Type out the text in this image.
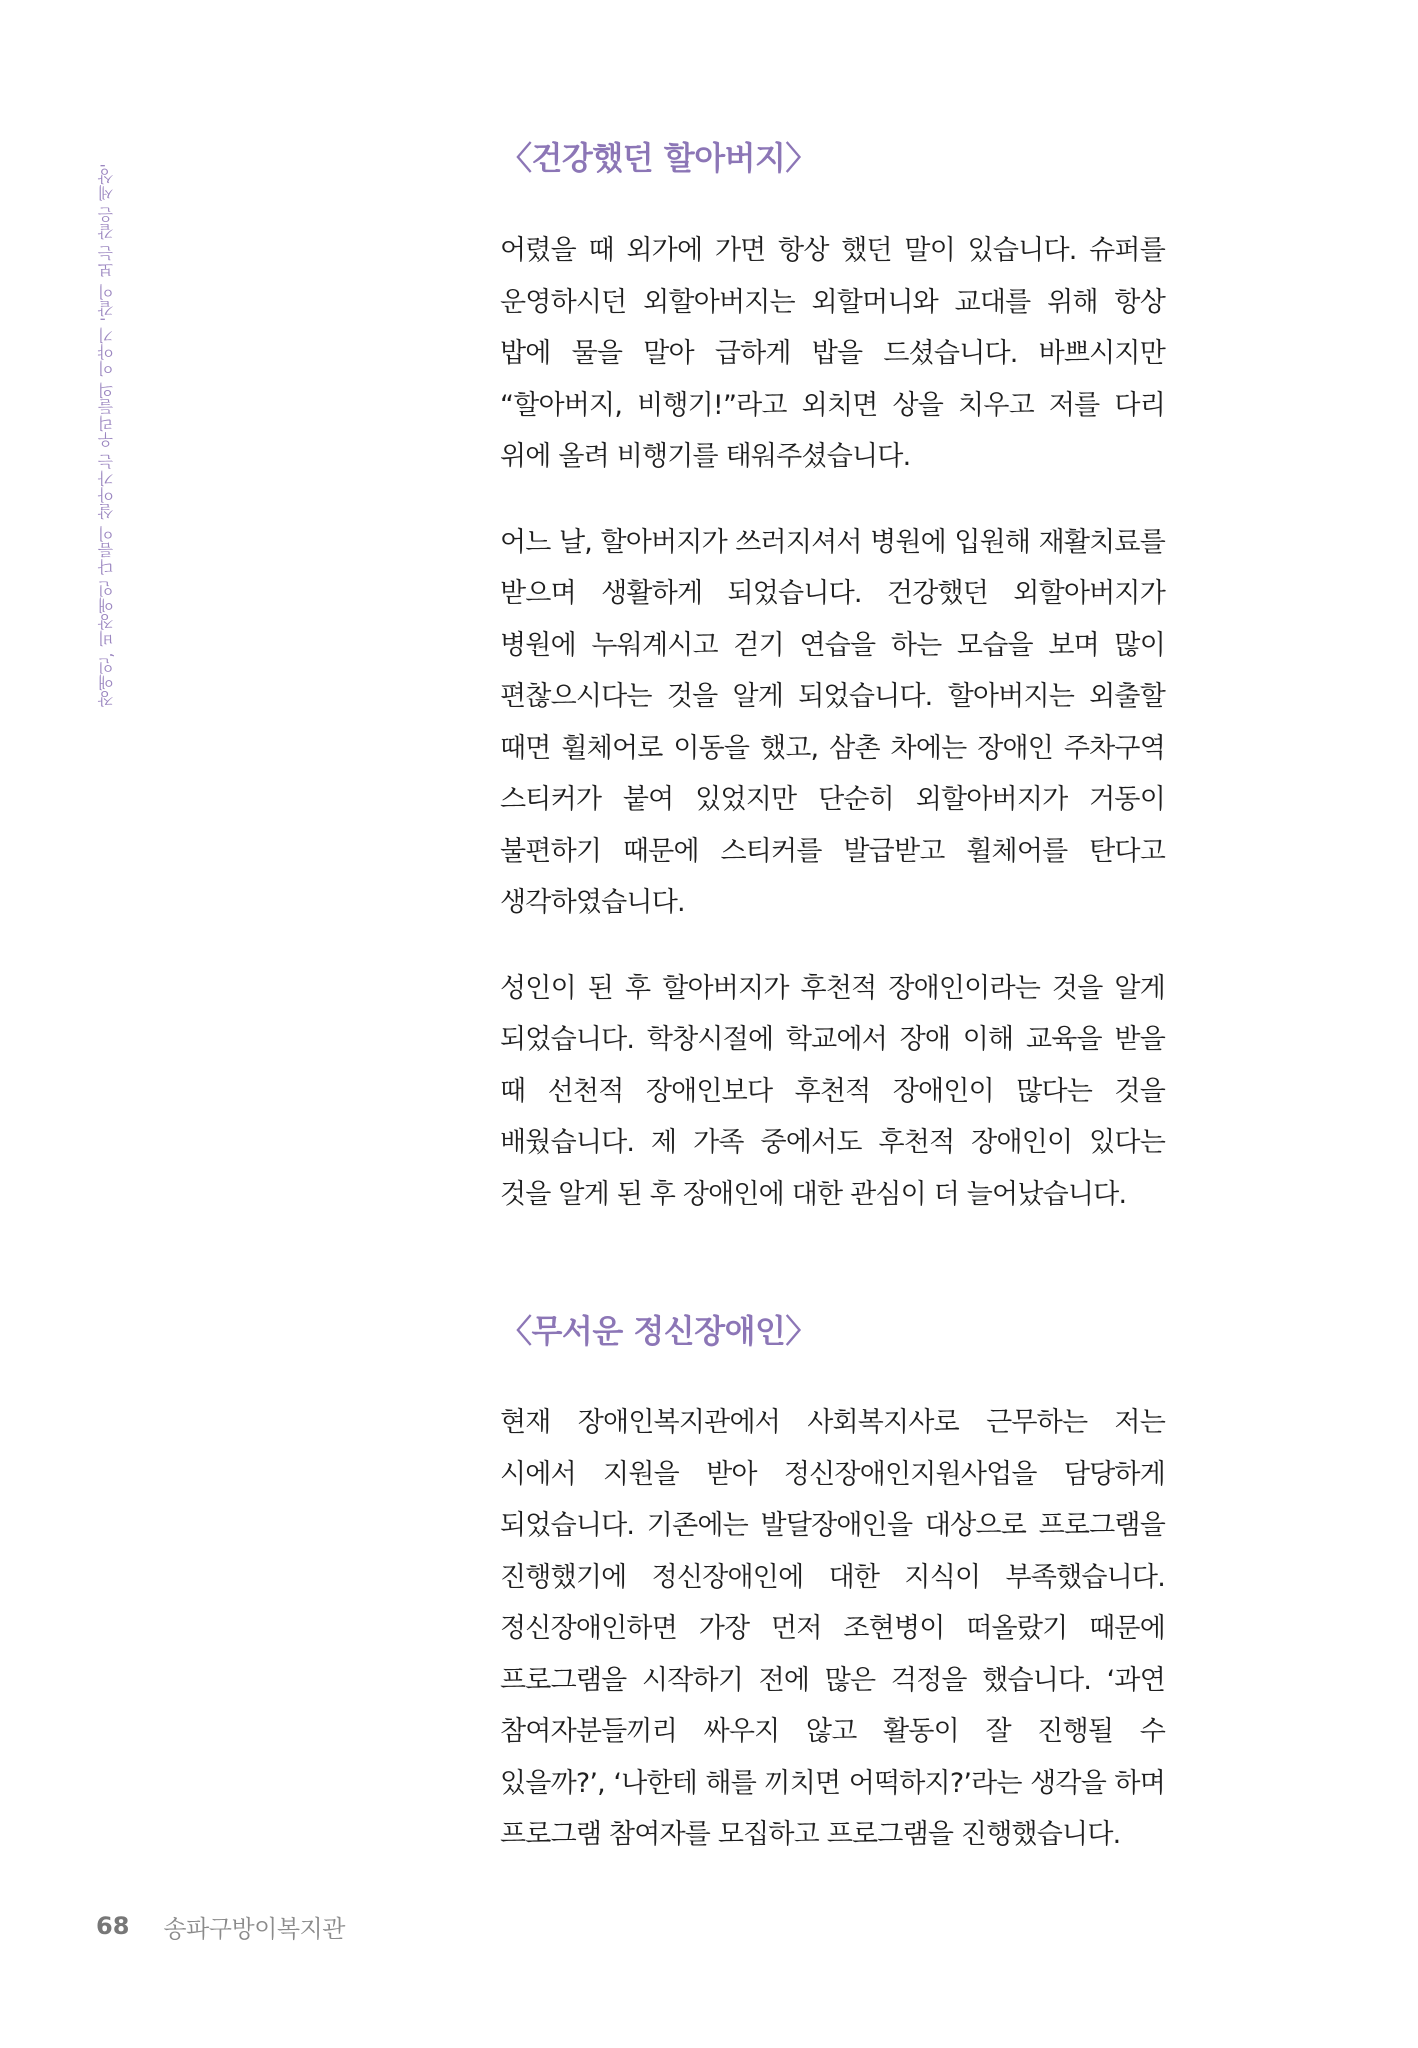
장애인, 비장애인 다름이 살아가는 우리들의 이야기 '같이 보는 같은 세상'
〈건강했던 할아버지〉

어렸을 때 외가에 가면 항상 했던 말이 있습니다. 슈퍼를 운영하시던 외할아버지는 외할머니와 교대를 위해 항상 밥에 물을 말아 급하게 밥을 드셨습니다. 바쁘시지만 “할아버지, 비행기!”라고 외치면 상을 치우고 저를 다리 위에 올려 비행기를 태워주셨습니다.

어느 날, 할아버지가 쓰러지셔서 병원에 입원해 재활치료를 받으며 생활하게 되었습니다. 건강했던 외할아버지가 병원에 누워계시고 걷기 연습을 하는 모습을 보며 많이 편찮으시다는 것을 알게 되었습니다. 할아버지는 외출할 때면 휠체어로 이동을 했고, 삼촌 차에는 장애인 주차구역 스티커가 붙여 있었지만 단순히 외할아버지가 거동이 불편하기 때문에 스티커를 발급받고 휠체어를 탄다고 생각하였습니다.

성인이 된 후 할아버지가 후천적 장애인이라는 것을 알게 되었습니다. 학창시절에 학교에서 장애 이해 교육을 받을 때 선천적 장애인보다 후천적 장애인이 많다는 것을 배웠습니다. 제 가족 중에서도 후천적 장애인이 있다는 것을 알게 된 후 장애인에 대한 관심이 더 늘어났습니다.

〈무서운 정신장애인〉

현재 장애인복지관에서 사회복지사로 근무하는 저는 시에서 지원을 받아 정신장애인지원사업을 담당하게 되었습니다. 기존에는 발달장애인을 대상으로 프로그램을 진행했기에 정신장애인에 대한 지식이 부족했습니다. 정신장애인하면 가장 먼저 조현병이 떠올랐기 때문에 프로그램을 시작하기 전에 많은 걱정을 했습니다. ‘과연 참여자분들끼리 싸우지 않고 활동이 잘 진행될 수 있을까?’, ‘나한테 해를 끼치면 어떡하지?’라는 생각을 하며 프로그램 참여자를 모집하고 프로그램을 진행했습니다.

68 송파구방이복지관
